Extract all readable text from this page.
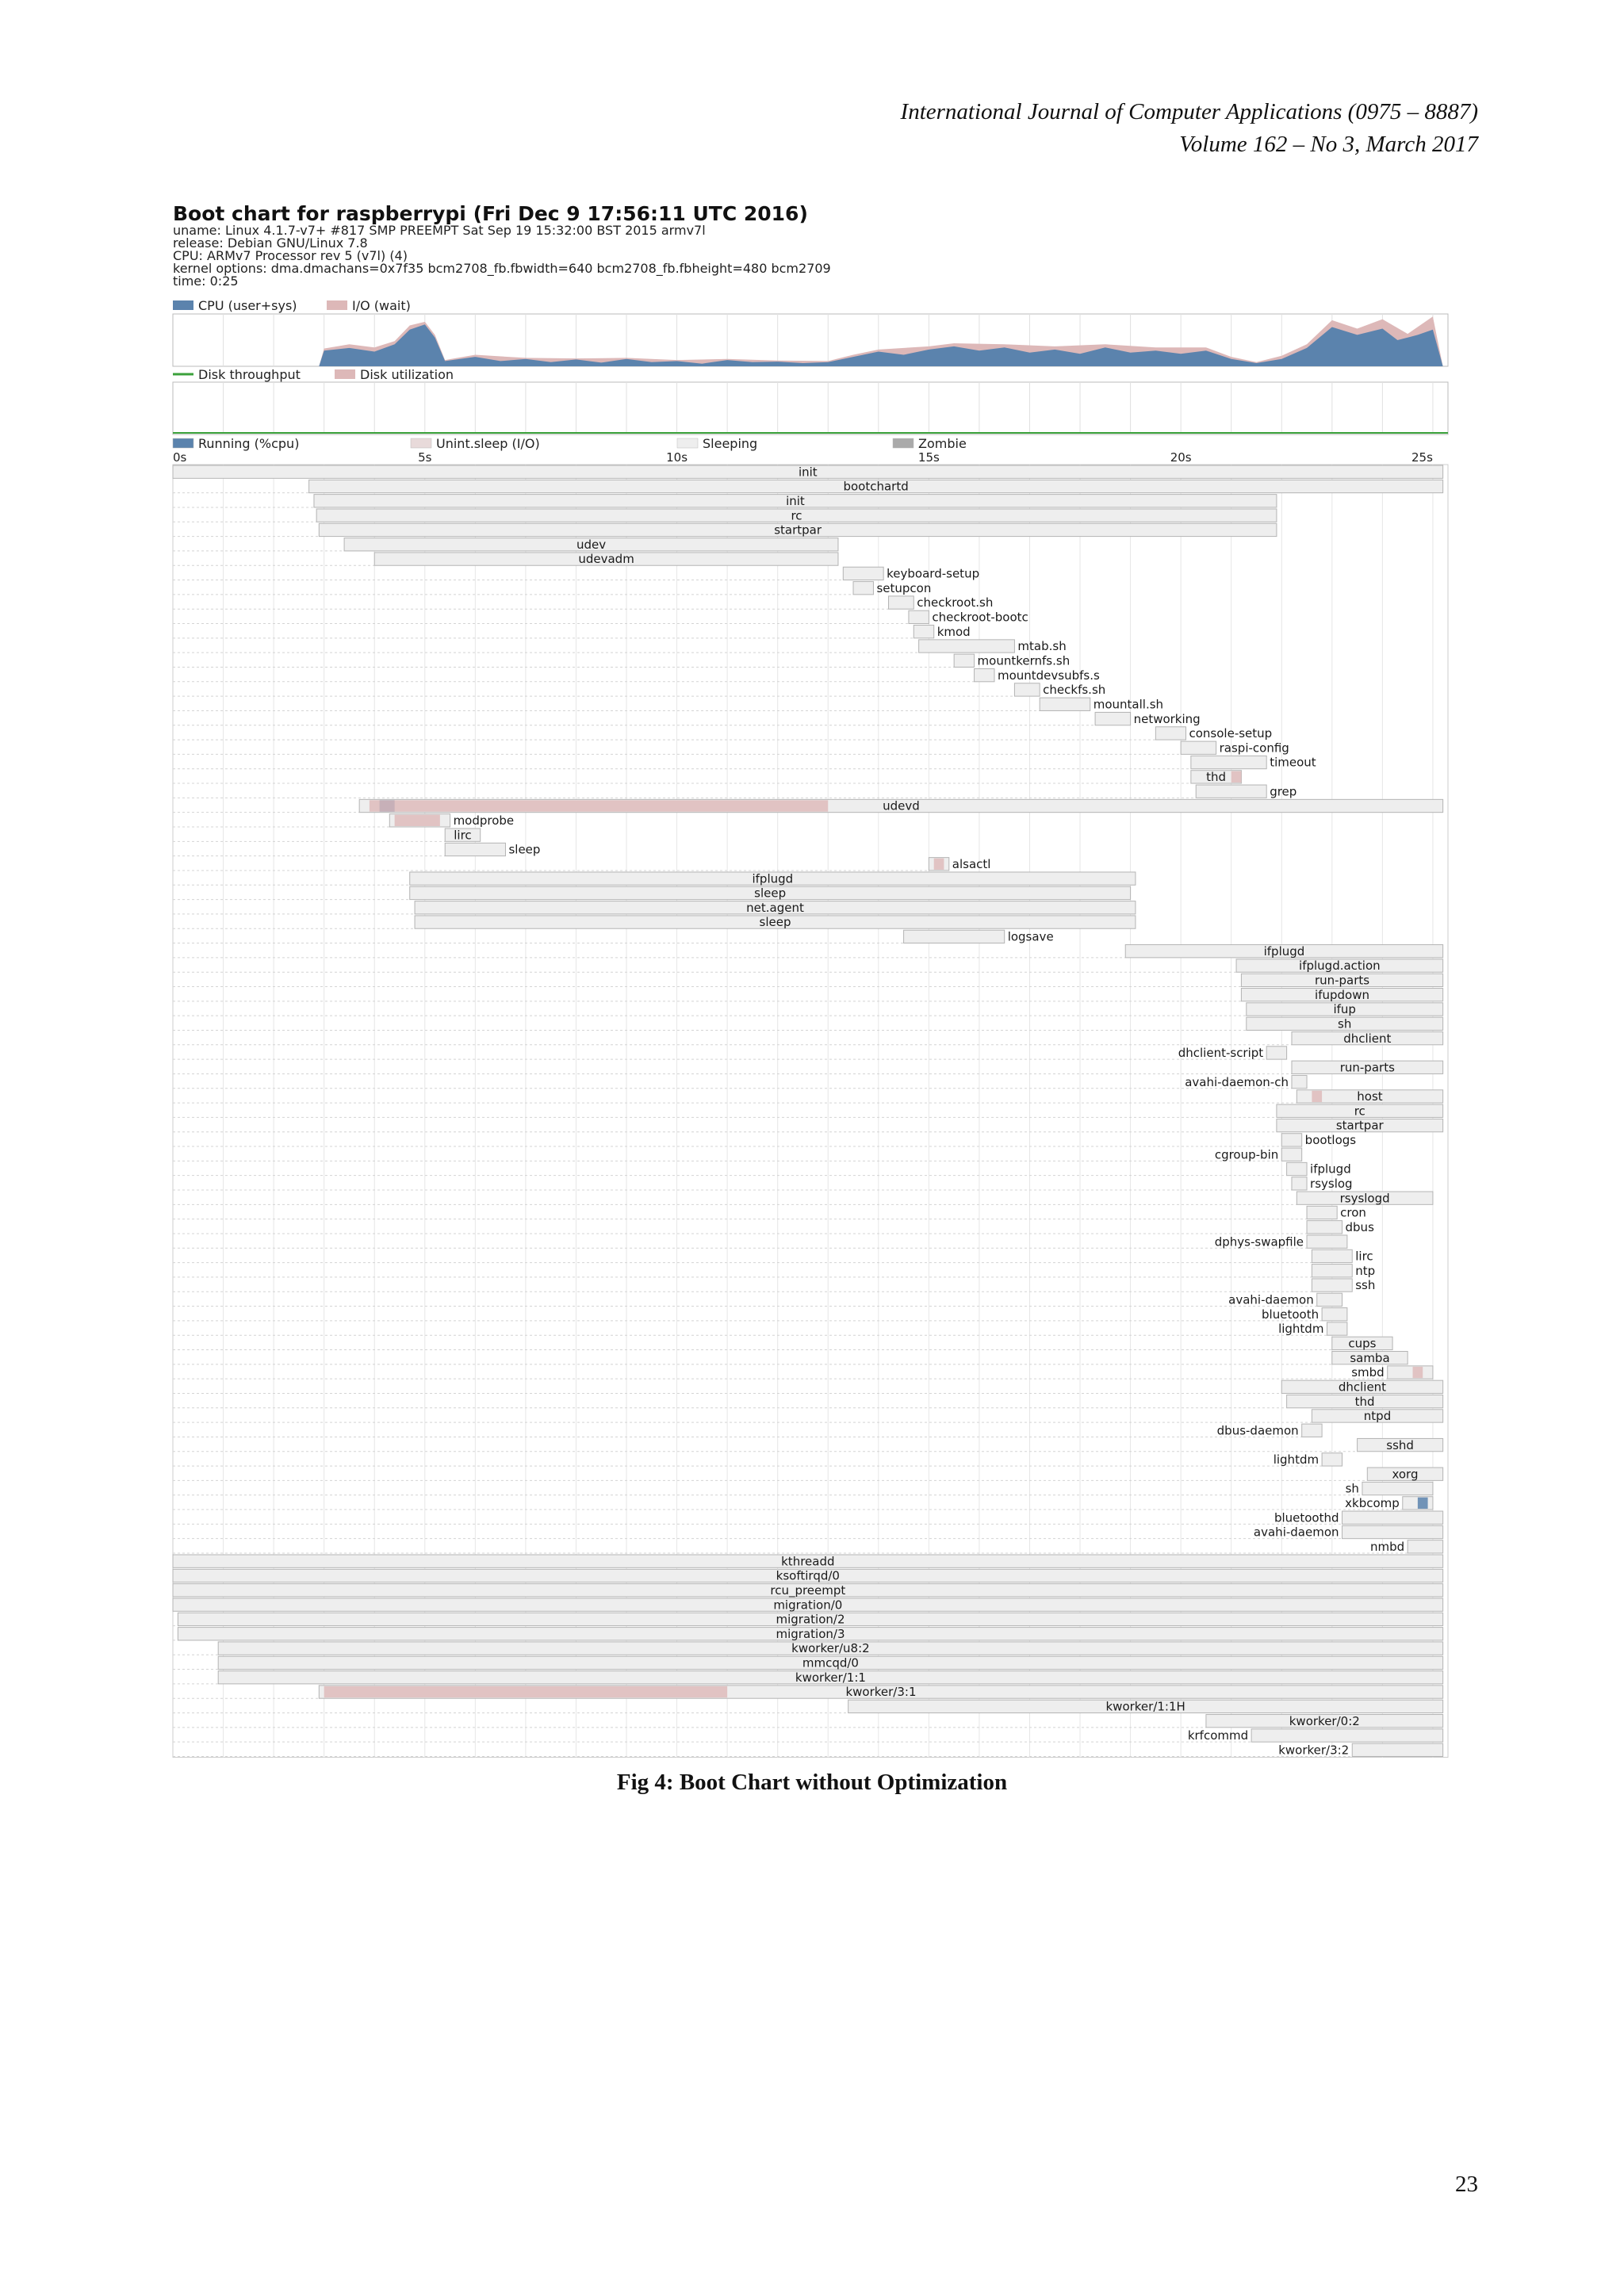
International Journal of Computer Applications (0975 – 8887)
Volume 162 – No 3, March 2017
Boot chart for raspberrypi (Fri Dec 9 17:56:11 UTC 2016)
uname: Linux 4.1.7-v7+ #817 SMP PREEMPT Sat Sep 19 15:32:00 BST 2015 armv7l
release: Debian GNU/Linux 7.8
CPU: ARMv7 Processor rev 5 (v7l) (4)
kernel options: dma.dmachans=0x7f35 bcm2708_fb.fbwidth=640 bcm2708_fb.fbheight=480 bcm2709
time: 0:25
CPU (user+sys)	I/O (wait)
Disk throughput	Disk utilization
Running (%cpu)	Unint.sleep (I/O)	Sleeping	Zombie
0s	5s	10s	15s	20s	25s
init
bootchartd
init
rc
startpar
udev
udevadm
keyboard-setup
setupcon
checkroot.sh
checkroot-bootc
kmod
mtab.sh
mountkernfs.sh
mountdevsubfs.s
checkfs.sh
mountall.sh
networking
console-setup
raspi-config
timeout
thd
grep
udevd
modprobe
lirc
sleep
alsactl
ifplugd
sleep
net.agent
sleep
logsave
ifplugd
ifplugd.action
run-parts
ifupdown
ifup
sh
dhclient
dhclient-script
run-parts
avahi-daemon-ch
host
rc
startpar
bootlogs
cgroup-bin
ifplugd
rsyslog
rsyslogd
cron
dbus
dphys-swapfile
lirc
ntp
ssh
avahi-daemon
bluetooth
lightdm
cups
samba
smbd
dhclient
thd
ntpd
dbus-daemon
sshd
lightdm
xorg
sh
xkbcomp
bluetoothd
avahi-daemon
nmbd
kthreadd
ksoftirqd/0
rcu_preempt
migration/0
migration/2
migration/3
kworker/u8:2
mmcqd/0
kworker/1:1
kworker/3:1
kworker/1:1H
kworker/0:2
krfcommd
kworker/3:2
Fig 4: Boot Chart without Optimization
23
